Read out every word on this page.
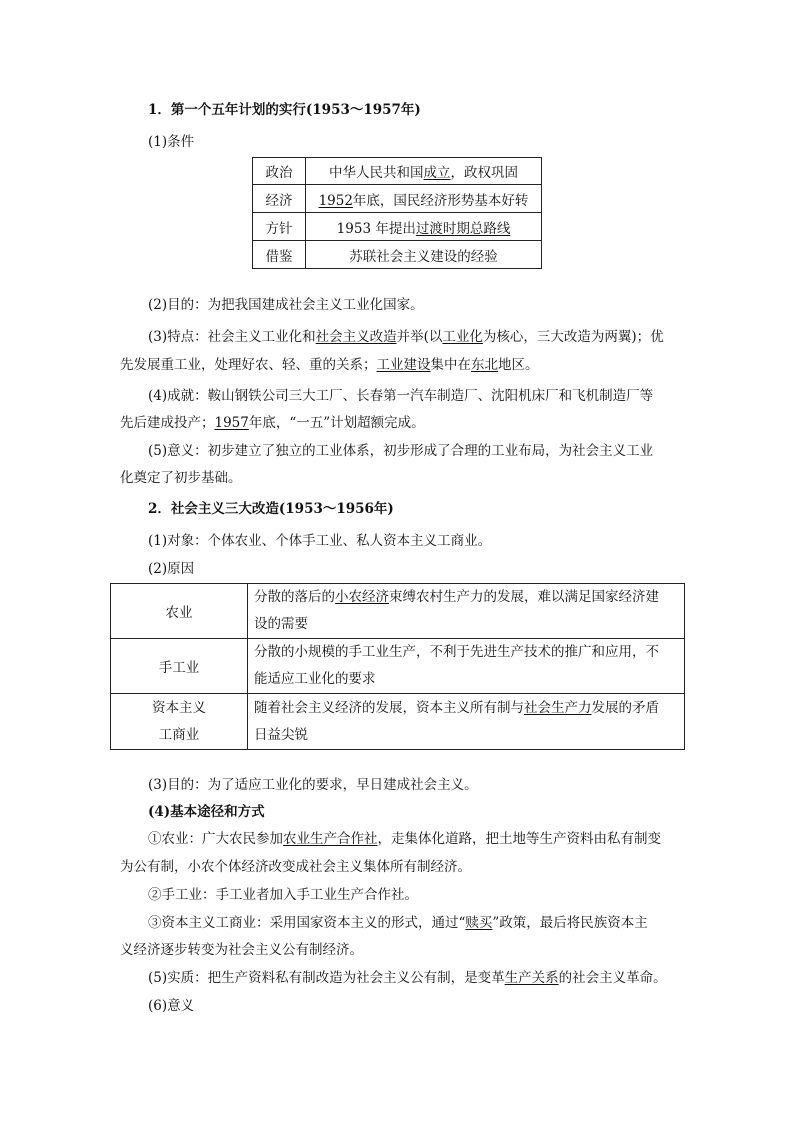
1．第一个五年计划的实行(1953～1957年)
(1)条件
政治	中华人民共和国成立，政权巩固
经济	1952年底，国民经济形势基本好转
方针	1953 年提出过渡时期总路线
借鉴	苏联社会主义建设的经验
(2)目的：为把我国建成社会主义工业化国家。
(3)特点：社会主义工业化和社会主义改造并举(以工业化为核心，三大改造为两翼)；优
先发展重工业，处理好农、轻、重的关系；工业建设集中在东北地区。
(4)成就：鞍山钢铁公司三大工厂、长春第一汽车制造厂、沈阳机床厂和飞机制造厂等
先后建成投产；1957年底，“一五”计划超额完成。
(5)意义：初步建立了独立的工业体系，初步形成了合理的工业布局，为社会主义工业
化奠定了初步基础。
2．社会主义三大改造(1953～1956年)
(1)对象：个体农业、个体手工业、私人资本主义工商业。
(2)原因
农业	分散的落后的小农经济束缚农村生产力的发展，难以满足国家经济建
设的需要
手工业	分散的小规模的手工业生产，不利于先进生产技术的推广和应用，不
能适应工业化的要求
资本主义
工商业	随着社会主义经济的发展，资本主义所有制与社会生产力发展的矛盾
日益尖锐
(3)目的：为了适应工业化的要求，早日建成社会主义。
(4)基本途径和方式
①农业：广大农民参加农业生产合作社，走集体化道路，把土地等生产资料由私有制变
为公有制，小农个体经济改变成社会主义集体所有制经济。
②手工业：手工业者加入手工业生产合作社。
③资本主义工商业：采用国家资本主义的形式，通过“赎买”政策，最后将民族资本主
义经济逐步转变为社会主义公有制经济。
(5)实质：把生产资料私有制改造为社会主义公有制，是变革生产关系的社会主义革命。
(6)意义
